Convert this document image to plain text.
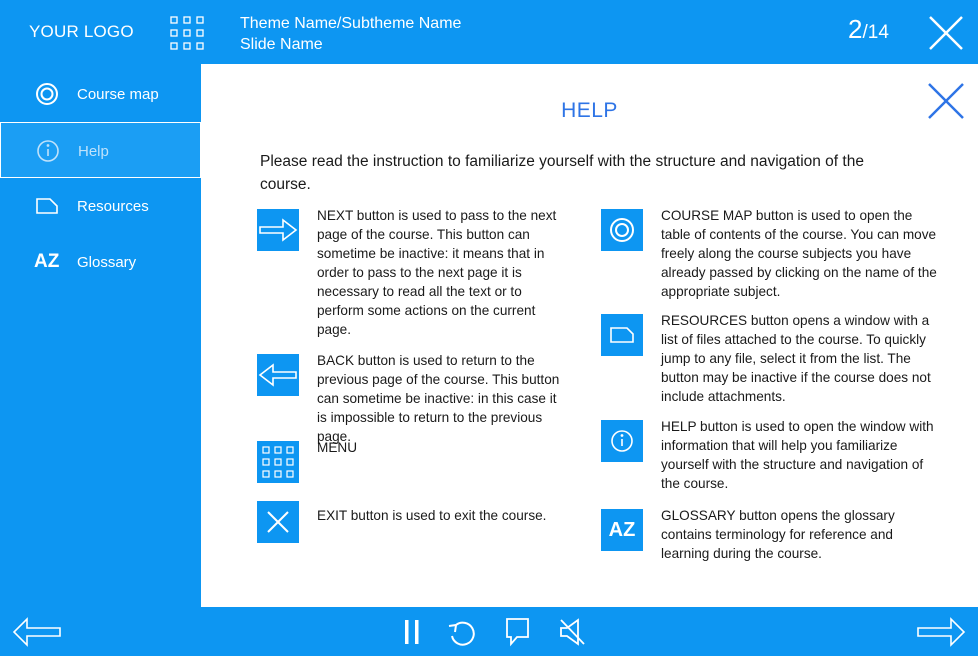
YOUR LOGO	Theme Name/Subtheme Name
Slide Name
2/14
Course map
Help
Resources
AZ Glossary
HELP
Please read the instruction to familiarize yourself with the structure and navigation of the course.
NEXT button is used to pass to the next page of the course. This button can sometime be inactive: it means that in order to pass to the next page it is necessary to read all the text or to perform some actions on the current page.
BACK button is used to return to the previous page of the course. This button can sometime be inactive: in this case it is impossible to return to the previous page.
MENU
EXIT button is used to exit the course.
COURSE MAP button is used to open the table of contents of the course. You can move freely along the course subjects you have already passed by clicking on the name of the appropriate subject.
RESOURCES button opens a window with a list of files attached to the course. To quickly jump to any file, select it from the list. The button may be inactive if the course does not include attachments.
HELP button is used to open the window with information that will help you familiarize yourself with the structure and navigation of the course.
AZ
GLOSSARY button opens the glossary contains terminology for reference and learning during the course.
